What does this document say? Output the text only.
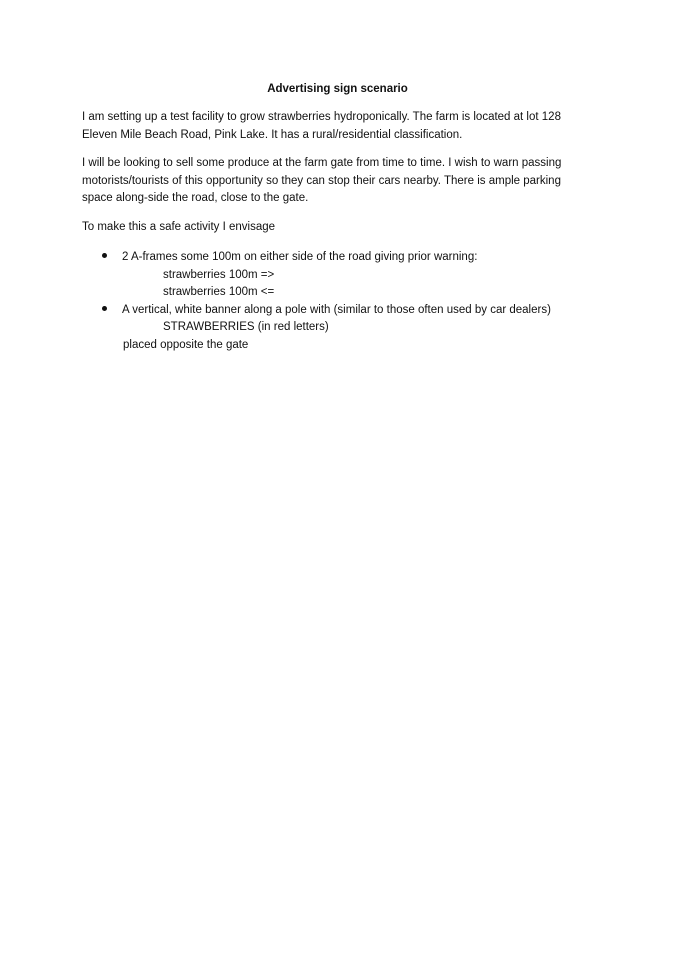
Advertising sign scenario

I am setting up a test facility to grow strawberries hydroponically. The farm is located at lot 128 Eleven Mile Beach Road, Pink Lake. It has a rural/residential classification.

I will be looking to sell some produce at the farm gate from time to time. I wish to warn passing motorists/tourists of this opportunity so they can stop their cars nearby. There is ample parking space along-side the road, close to the gate.

To make this a safe activity I envisage

2 A-frames some 100m on either side of the road giving prior warning:
strawberries 100m =>
strawberries 100m <=
A vertical, white banner along a pole with (similar to those often used by car dealers)
STRAWBERRIES (in red letters)
placed opposite the gate
